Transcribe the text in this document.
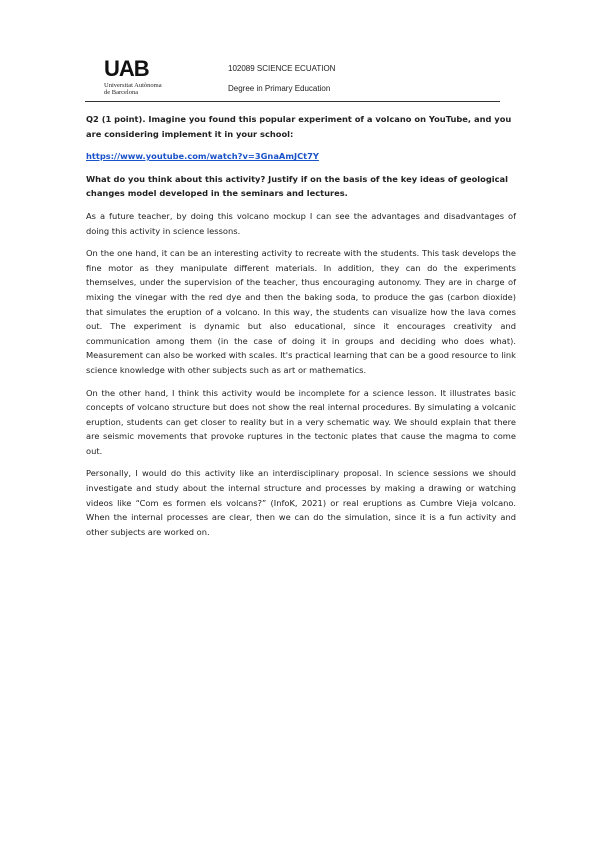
UAB
Universitat Autònoma
de Barcelona
102089 SCIENCE ECUATION
Degree in Primary Education

Q2 (1 point). Imagine you found this popular experiment of a volcano on YouTube, and you are considering implement it in your school:

https://www.youtube.com/watch?v=3GnaAmJCt7Y

What do you think about this activity? Justify if on the basis of the key ideas of geological changes model developed in the seminars and lectures.

As a future teacher, by doing this volcano mockup I can see the advantages and disadvantages of doing this activity in science lessons.

On the one hand, it can be an interesting activity to recreate with the students. This task develops the fine motor as they manipulate different materials. In addition, they can do the experiments themselves, under the supervision of the teacher, thus encouraging autonomy. They are in charge of mixing the vinegar with the red dye and then the baking soda, to produce the gas (carbon dioxide) that simulates the eruption of a volcano. In this way, the students can visualize how the lava comes out. The experiment is dynamic but also educational, since it encourages creativity and communication among them (in the case of doing it in groups and deciding who does what). Measurement can also be worked with scales. It's practical learning that can be a good resource to link science knowledge with other subjects such as art or mathematics.

On the other hand, I think this activity would be incomplete for a science lesson. It illustrates basic concepts of volcano structure but does not show the real internal procedures. By simulating a volcanic eruption, students can get closer to reality but in a very schematic way. We should explain that there are seismic movements that provoke ruptures in the tectonic plates that cause the magma to come out.

Personally, I would do this activity like an interdisciplinary proposal. In science sessions we should investigate and study about the internal structure and processes by making a drawing or watching videos like “Com es formen els volcans?” (InfoK, 2021) or real eruptions as Cumbre Vieja volcano. When the internal processes are clear, then we can do the simulation, since it is a fun activity and other subjects are worked on.
